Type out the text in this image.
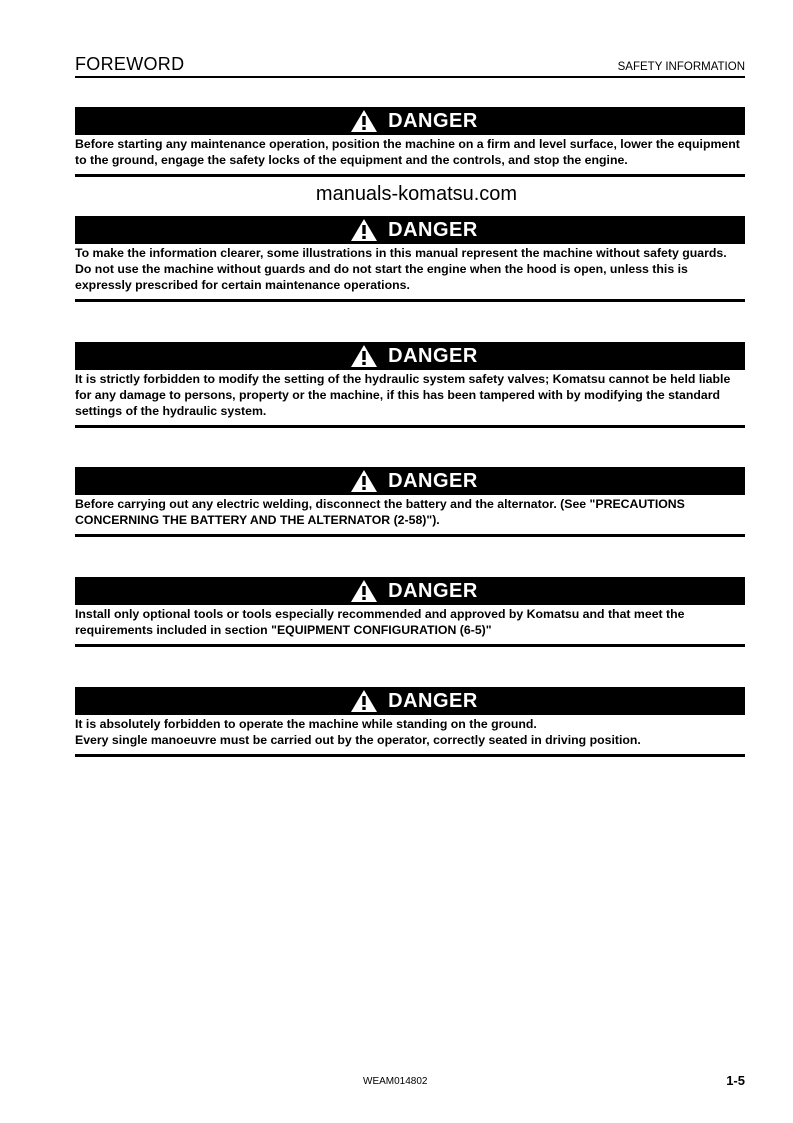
FOREWORD	SAFETY INFORMATION
manuals-komatsu.com
DANGER

Before starting any maintenance operation, position the machine on a firm and level surface, lower the equipment to the ground, engage the safety locks of the equipment and the controls, and stop the engine.

DANGER

To make the information clearer, some illustrations in this manual represent the machine without safety guards. Do not use the machine without guards and do not start the engine when the hood is open, unless this is expressly prescribed for certain maintenance operations.

DANGER

It is strictly forbidden to modify the setting of the hydraulic system safety valves; Komatsu cannot be held liable for any damage to persons, property or the machine, if this has been tampered with by modifying the standard settings of the hydraulic system.

DANGER

Before carrying out any electric welding, disconnect the battery and the alternator. (See "PRECAUTIONS CONCERNING THE BATTERY AND THE ALTERNATOR (2-58)").

DANGER

Install only optional tools or tools especially recommended and approved by Komatsu and that meet the requirements included in section "EQUIPMENT CONFIGURATION (6-5)"

DANGER

It is absolutely forbidden to operate the machine while standing on the ground.

Every single manoeuvre must be carried out by the operator, correctly seated in driving position.

WEAM014802	1-5
